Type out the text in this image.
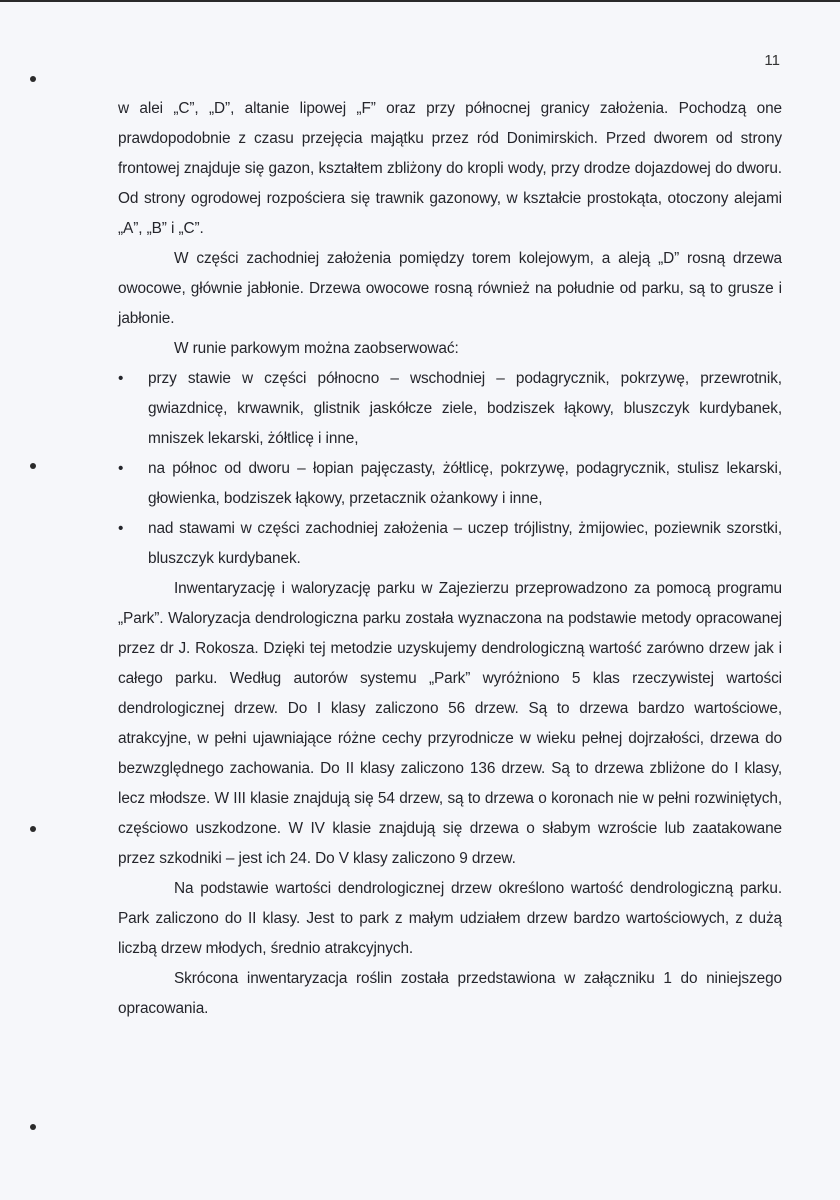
11

w alei „C”, „D”, altanie lipowej „F” oraz przy północnej granicy założenia. Pochodzą one prawdopodobnie z czasu przejęcia majątku przez ród Donimirskich. Przed dworem od strony frontowej znajduje się gazon, kształtem zbliżony do kropli wody, przy drodze dojazdowej do dworu. Od strony ogrodowej rozpościera się trawnik gazonowy, w kształcie prostokąta, otoczony alejami „A”, „B” i „C”.

W części zachodniej założenia pomiędzy torem kolejowym, a aleją „D” rosną drzewa owocowe, głównie jabłonie. Drzewa owocowe rosną również na południe od parku, są to grusze i jabłonie.

W runie parkowym można zaobserwować:

•	przy stawie w części północno – wschodniej – podagrycznik, pokrzywę, przewrotnik, gwiazdnicę, krwawnik, glistnik jaskółcze ziele, bodziszek łąkowy, bluszczyk kurdybanek, mniszek lekarski, żółtlicę i inne,
•	na północ od dworu – łopian pajęczasty, żółtlicę, pokrzywę, podagrycznik, stulisz lekarski, głowienka, bodziszek łąkowy, przetacznik ożankowy i inne,
•	nad stawami w części zachodniej założenia – uczep trójlistny, żmijowiec, poziewnik szorstki, bluszczyk kurdybanek.

Inwentaryzację i waloryzację parku w Zajezierzu przeprowadzono za pomocą programu „Park”. Waloryzacja dendrologiczna parku została wyznaczona na podstawie metody opracowanej przez dr J. Rokosza. Dzięki tej metodzie uzyskujemy dendrologiczną wartość zarówno drzew jak i całego parku. Według autorów systemu „Park” wyróżniono 5 klas rzeczywistej wartości dendrologicznej drzew. Do I klasy zaliczono 56 drzew. Są to drzewa bardzo wartościowe, atrakcyjne, w pełni ujawniające różne cechy przyrodnicze w wieku pełnej dojrzałości, drzewa do bezwzględnego zachowania. Do II klasy zaliczono 136 drzew. Są to drzewa zbliżone do I klasy, lecz młodsze. W III klasie znajdują się 54 drzew, są to drzewa o koronach nie w pełni rozwiniętych, częściowo uszkodzone. W IV klasie znajdują się drzewa o słabym wzroście lub zaatakowane przez szkodniki – jest ich 24. Do V klasy zaliczono 9 drzew.

Na podstawie wartości dendrologicznej drzew określono wartość dendrologiczną parku. Park zaliczono do II klasy. Jest to park z małym udziałem drzew bardzo wartościowych, z dużą liczbą drzew młodych, średnio atrakcyjnych.

Skrócona inwentaryzacja roślin została przedstawiona w załączniku 1 do niniejszego opracowania.
